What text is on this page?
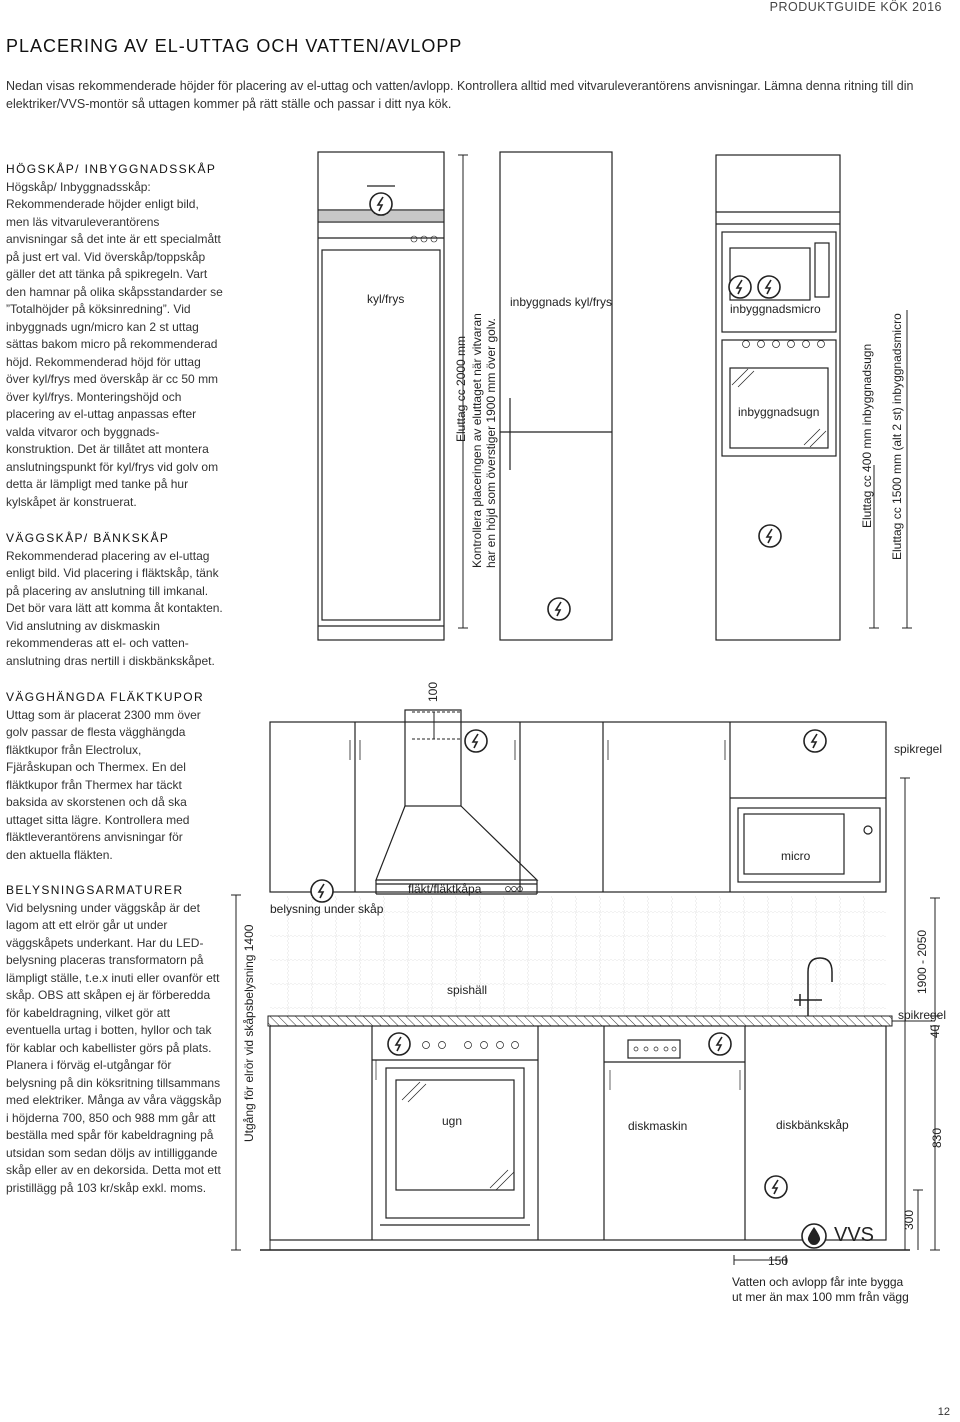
PRODUKTGUIDE KÖK 2016
PLACERING AV EL-UTTAG OCH VATTEN/AVLOPP
Nedan visas rekommenderade höjder för placering av el-uttag och vatten/avlopp. Kontrollera alltid med vitvaruleverantörens anvisningar. Lämna denna ritning till din elektriker/VVS-montör så uttagen kommer på rätt ställe och passar i ditt nya kök.
HÖGSKÅP/ INBYGGNADSSKÅP

Högskåp/ Inbyggnadsskåp: Rekommenderade höjder enligt bild, men läs vitvaruleverantörens anvisningar så det inte är ett specialmått på just ert val. Vid överskåp/toppskåp gäller det att tänka på spikregeln. Vart den hamnar på olika skåpsstandarder se ”Totalhöjder på köksinredning”. Vid inbyggnads ugn/micro kan 2 st uttag sättas bakom micro på rekommenderad höjd. Rekommenderad höjd för uttag över kyl/frys med överskåp är cc 50 mm över kyl/frys. Monteringshöjd och placering av el-uttag anpassas efter valda vitvaror och byggnads-konstruktion. Det är tillåtet att montera anslutningspunkt för kyl/frys vid golv om detta är lämpligt med tanke på hur kylskåpet är konstruerat.

VÄGGSKÅP/ BÄNKSKÅP

Rekommenderad placering av el-uttag enligt bild. Vid placering i fläktskåp, tänk på placering av anslutning till imkanal. Det bör vara lätt att komma åt kontakten. Vid anslutning av diskmaskin rekommenderas att el- och vatten-anslutning dras nertill i diskbänkskåpet.

VÄGGHÄNGDA FLÄKTKUPOR

Uttag som är placerat 2300 mm över golv passar de flesta vägghängda fläktkupor från Electrolux, Fjäråskupan och Thermex. En del fläktkupor från Thermex har täckt baksida av skorstenen och då ska uttaget sitta lägre. Kontrollera med fläktleverantörens anvisningar för den aktuella fläkten.

BELYSNINGSARMATURER

Vid belysning under väggskåp är det lagom att ett elrör går ut under väggskåpets underkant. Har du LED-belysning placeras transformatorn på lämpligt ställe, t.e.x inuti eller ovanför ett skåp. OBS att skåpen ej är förberedda för kabeldragning, vilket gör att eventuella urtag i botten, hyllor och tak för kablar och kabellister görs på plats. Planera i förväg el-utgångar för belysning på din köksritning tillsammans med elektriker. Många av våra väggskåp i höjderna 700, 850 och 988 mm går att beställa med spår för kabeldragning på utsidan som sedan döljs av intilliggande skåp eller av en dekorsida. Detta mot ett pristillägg på 103 kr/skåp exkl. moms.

kyl/frys
Eluttag cc 2000 mm Kontrollera placeringen av eluttaget när vitvaran har en höjd som överstiger 1900 mm över golv.
inbyggnads kyl/frys	inbyggnadsmicro
inbyggnadsugn	Eluttag cc 400 mm inbyggnadsugn Eluttag cc 1500 mm (alt 2 st) inbyggnadsmicro
100
spikregel
micro
fläkt/fläktkåpa
belysning under skåp
spishäll
Utgång för elrör vid skåpsbelysning 1400	1900 - 2050
spikregel
40
ugn	diskmaskin	diskbänkskåp
830
300
VVS
150
Vatten och avlopp får inte bygga ut mer än max 100 mm från vägg
12
